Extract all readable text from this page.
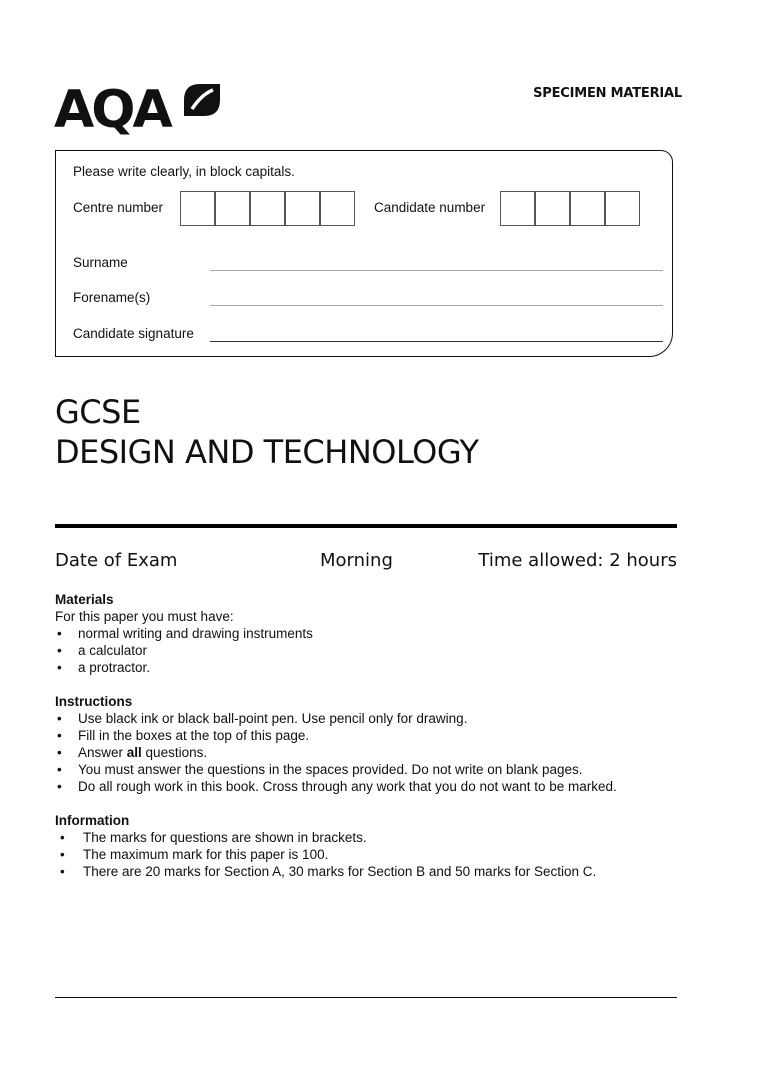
AQA	SPECIMEN MATERIAL
Please write clearly, in block capitals.
Centre number	Candidate number
Surname
Forename(s)
Candidate signature
GCSE
DESIGN AND TECHNOLOGY
Date of Exam	Morning	Time allowed: 2 hours
Materials

For this paper you must have:

• normal writing and drawing instruments
• a calculator
• a protractor.
Instructions
• Use black ink or black ball-point pen. Use pencil only for drawing.
• Fill in the boxes at the top of this page.
• Answer all questions.
• You must answer the questions in the spaces provided. Do not write on blank pages.
• Do all rough work in this book. Cross through any work that you do not want to be marked.
Information
• The marks for questions are shown in brackets.
• The maximum mark for this paper is 100.
• There are 20 marks for Section A, 30 marks for Section B and 50 marks for Section C.
